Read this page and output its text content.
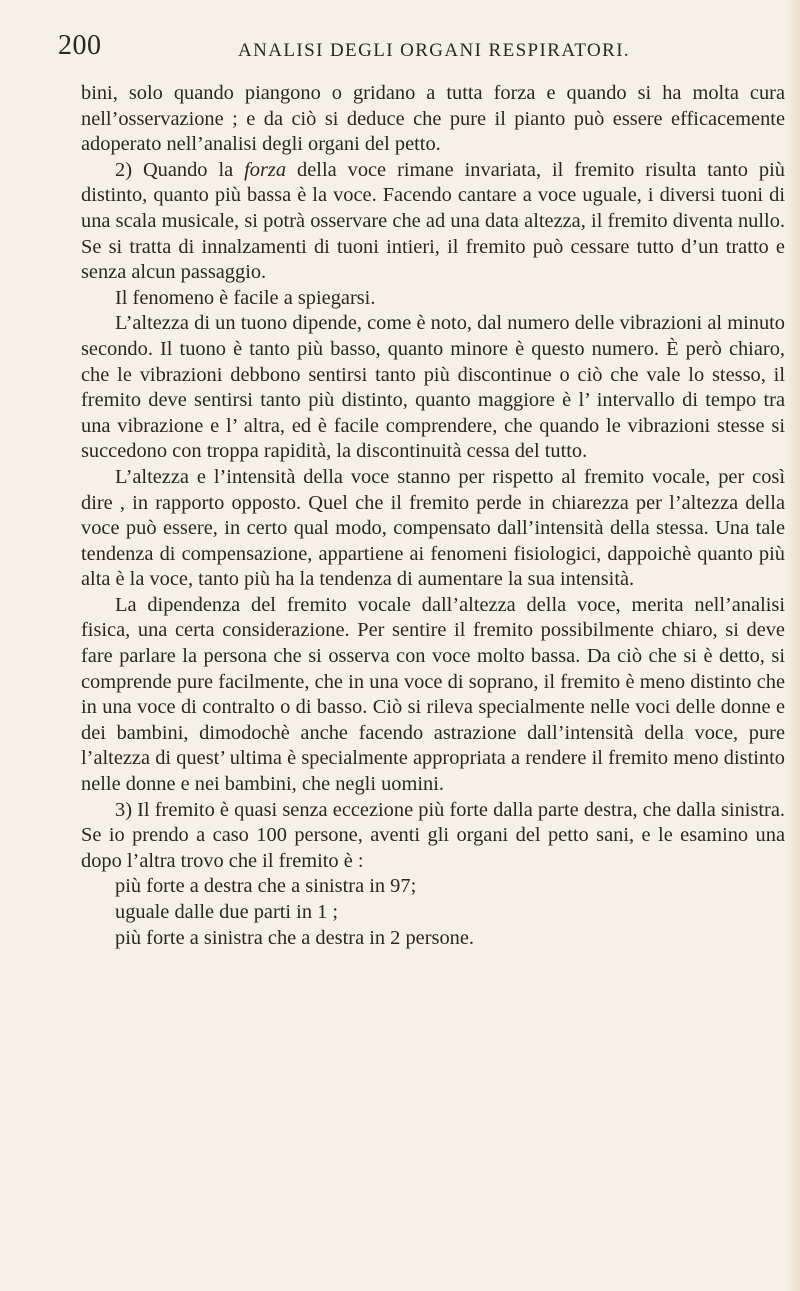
200	ANALISI DEGLI ORGANI RESPIRATORI.

bini, solo quando piangono o gridano a tutta forza e quando si ha molta cura nell’osservazione ; e da ciò si deduce che pure il pianto può essere efficacemente adoperato nell’analisi degli organi del petto.

2) Quando la forza della voce rimane invariata, il fremito risulta tanto più distinto, quanto più bassa è la voce. Facendo cantare a voce uguale, i diversi tuoni di una scala musicale, si potrà osservare che ad una data altezza, il fremito diventa nullo. Se si tratta di innalzamenti di tuoni intieri, il fremito può cessare tutto d’un tratto e senza alcun passaggio.

Il fenomeno è facile a spiegarsi.

L’altezza di un tuono dipende, come è noto, dal numero delle vibrazioni al minuto secondo. Il tuono è tanto più basso, quanto minore è questo numero. È però chiaro, che le vibrazioni debbono sentirsi tanto più discontinue o ciò che vale lo stesso, il fremito deve sentirsi tanto più distinto, quanto maggiore è l’ intervallo di tempo tra una vibrazione e l’ altra, ed è facile comprendere, che quando le vibrazioni stesse si succedono con troppa rapidità, la discontinuità cessa del tutto.

L’altezza e l’intensità della voce stanno per rispetto al fremito vocale, per così dire , in rapporto opposto. Quel che il fremito perde in chiarezza per l’altezza della voce può essere, in certo qual modo, compensato dall’intensità della stessa. Una tale tendenza di compensazione, appartiene ai fenomeni fisiologici, dappoichè quanto più alta è la voce, tanto più ha la tendenza di aumentare la sua intensità.

La dipendenza del fremito vocale dall’altezza della voce, merita nell’analisi fisica, una certa considerazione. Per sentire il fremito possibilmente chiaro, si deve fare parlare la persona che si osserva con voce molto bassa. Da ciò che si è detto, si comprende pure facilmente, che in una voce di soprano, il fremito è meno distinto che in una voce di contralto o di basso. Ciò si rileva specialmente nelle voci delle donne e dei bambini, dimodochè anche facendo astrazione dall’intensità della voce, pure l’altezza di quest’ ultima è specialmente appropriata a rendere il fremito meno distinto nelle donne e nei bambini, che negli uomini.

3) Il fremito è quasi senza eccezione più forte dalla parte destra, che dalla sinistra. Se io prendo a caso 100 persone, aventi gli organi del petto sani, e le esamino una dopo l’altra trovo che il fremito è :

più forte a destra che a sinistra in 97;

uguale dalle due parti in 1 ;

più forte a sinistra che a destra in 2 persone.
